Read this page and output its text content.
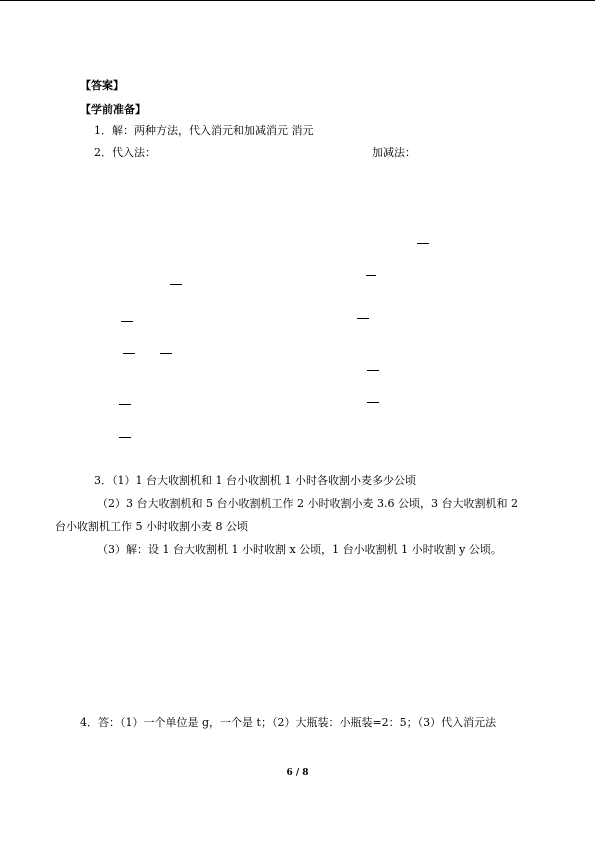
【答案】
【学前准备】
1．解：两种方法，代入消元和加减消元 消元
2．代入法：	加减法：
3．（1）1 台大收割机和 1 台小收割机 1 小时各收割小麦多少公顷
（2）3 台大收割机和 5 台小收割机工作 2 小时收割小麦 3.6 公顷，3 台大收割机和 2
台小收割机工作 5 小时收割小麦 8 公顷
（3）解：设 1 台大收割机 1 小时收割 x 公顷，1 台小收割机 1 小时收割 y 公顷。
4．答：（1）一个单位是 g，一个是 t；（2）大瓶装：小瓶装=2：5；（3）代入消元法
6 / 8
